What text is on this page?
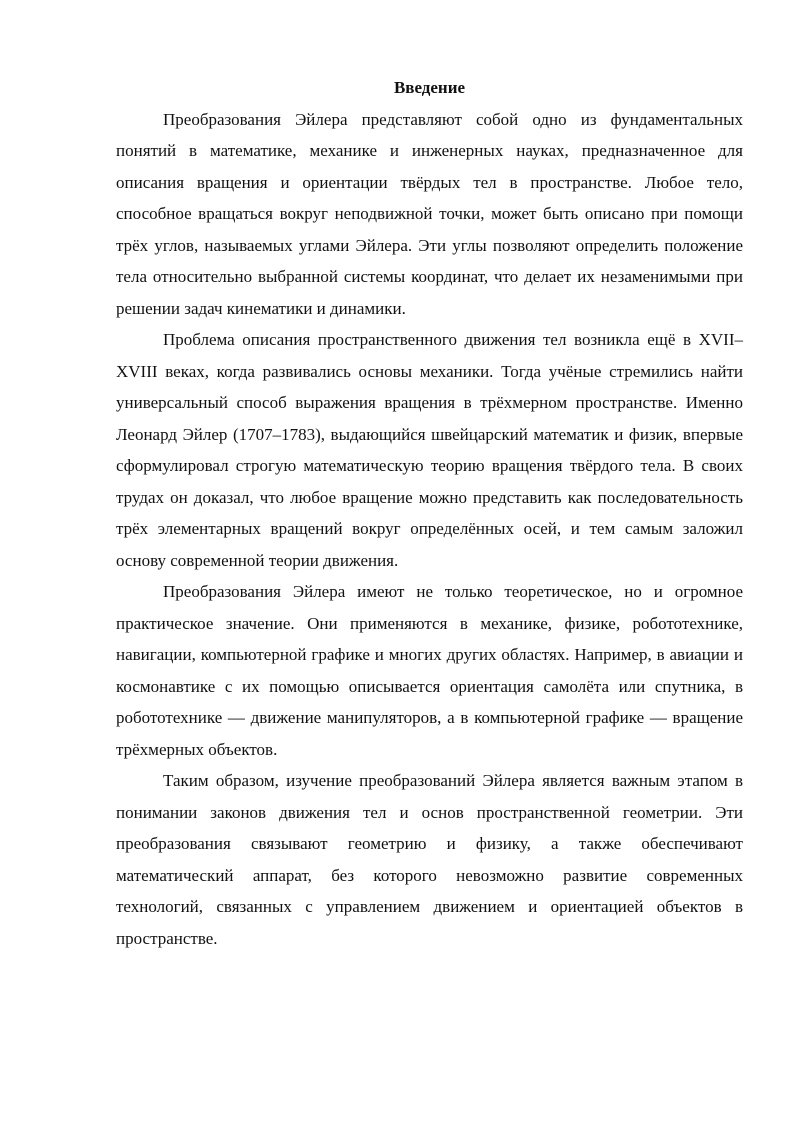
Введение

Преобразования Эйлера представляют собой одно из фундаментальных понятий в математике, механике и инженерных науках, предназначенное для описания вращения и ориентации твёрдых тел в пространстве. Любое тело, способное вращаться вокруг неподвижной точки, может быть описано при помощи трёх углов, называемых углами Эйлера. Эти углы позволяют определить положение тела относительно выбранной системы координат, что делает их незаменимыми при решении задач кинематики и динамики.

Проблема описания пространственного движения тел возникла ещё в XVII–XVIII веках, когда развивались основы механики. Тогда учёные стремились найти универсальный способ выражения вращения в трёхмерном пространстве. Именно Леонард Эйлер (1707–1783), выдающийся швейцарский математик и физик, впервые сформулировал строгую математическую теорию вращения твёрдого тела. В своих трудах он доказал, что любое вращение можно представить как последовательность трёх элементарных вращений вокруг определённых осей, и тем самым заложил основу современной теории движения.

Преобразования Эйлера имеют не только теоретическое, но и огромное практическое значение. Они применяются в механике, физике, робототехнике, навигации, компьютерной графике и многих других областях. Например, в авиации и космонавтике с их помощью описывается ориентация самолёта или спутника, в робототехнике — движение манипуляторов, а в компьютерной графике — вращение трёхмерных объектов.

Таким образом, изучение преобразований Эйлера является важным этапом в понимании законов движения тел и основ пространственной геометрии. Эти преобразования связывают геометрию и физику, а также обеспечивают математический аппарат, без которого невозможно развитие современных технологий, связанных с управлением движением и ориентацией объектов в пространстве.
